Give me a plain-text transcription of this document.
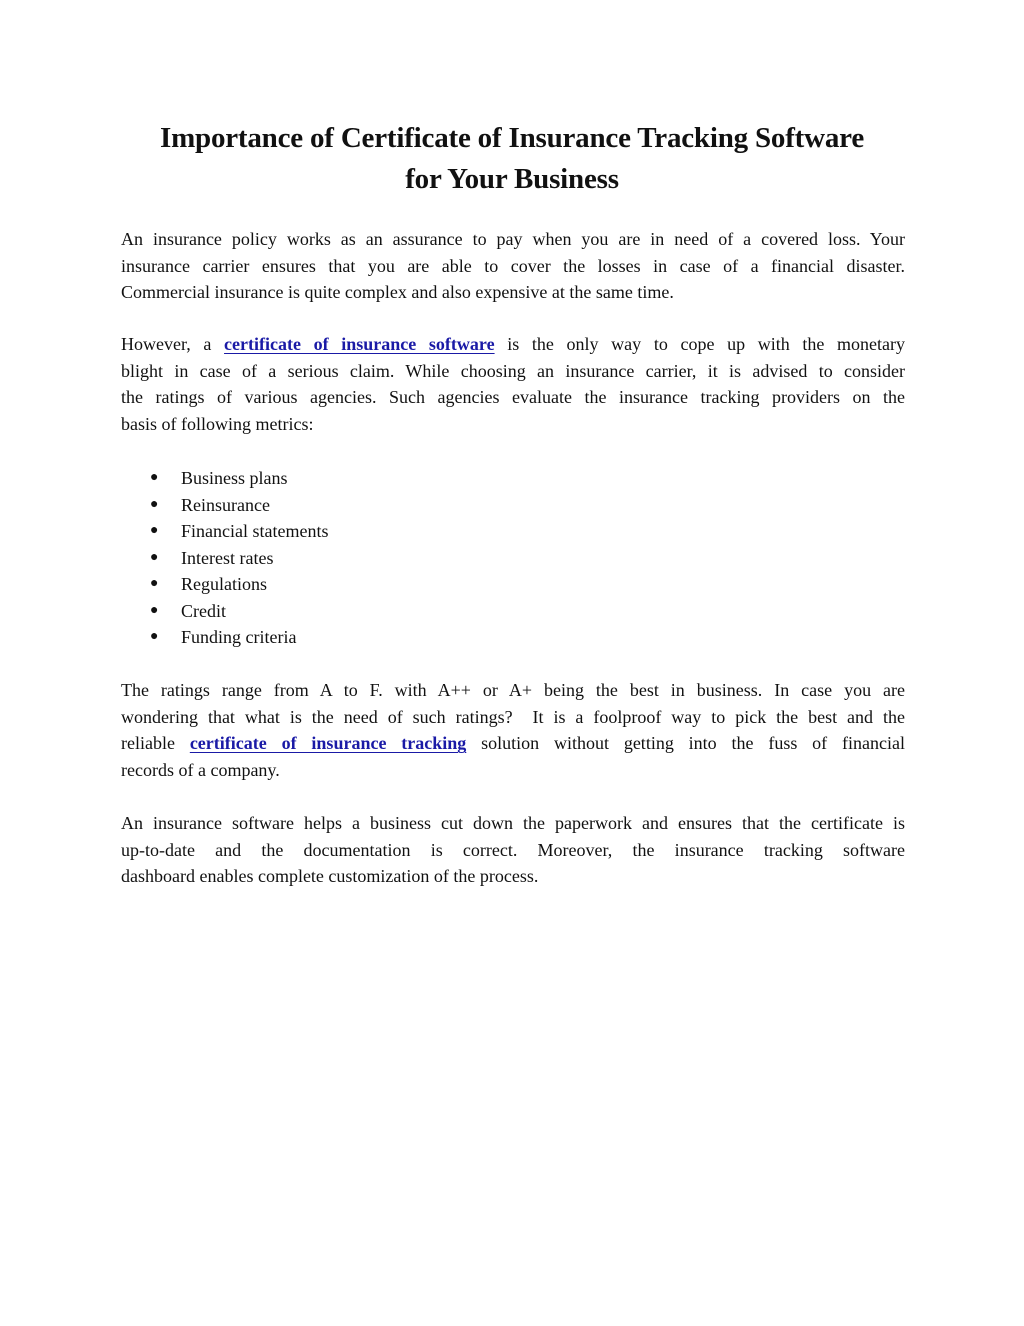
Importance of Certificate of Insurance Tracking Software
for Your Business
An insurance policy works as an assurance to pay when you are in need of a covered loss. Your
insurance carrier ensures that you are able to cover the losses in case of a financial disaster.
Commercial insurance is quite complex and also expensive at the same time.
However, a certificate of insurance software is the only way to cope up with the monetary
blight in case of a serious claim. While choosing an insurance carrier, it is advised to consider
the ratings of various agencies. Such agencies evaluate the insurance tracking providers on the
basis of following metrics:
● Business plans
● Reinsurance
● Financial statements
● Interest rates
● Regulations
● Credit
● Funding criteria
The ratings range from A to F. with A++ or A+ being the best in business. In case you are
wondering that what is the need of such ratings?  It is a foolproof way to pick the best and the
reliable certificate of insurance tracking solution without getting into the fuss of financial
records of a company.
An insurance software helps a business cut down the paperwork and ensures that the certificate is
up-to-date and the documentation is correct. Moreover, the insurance tracking software
dashboard enables complete customization of the process.
